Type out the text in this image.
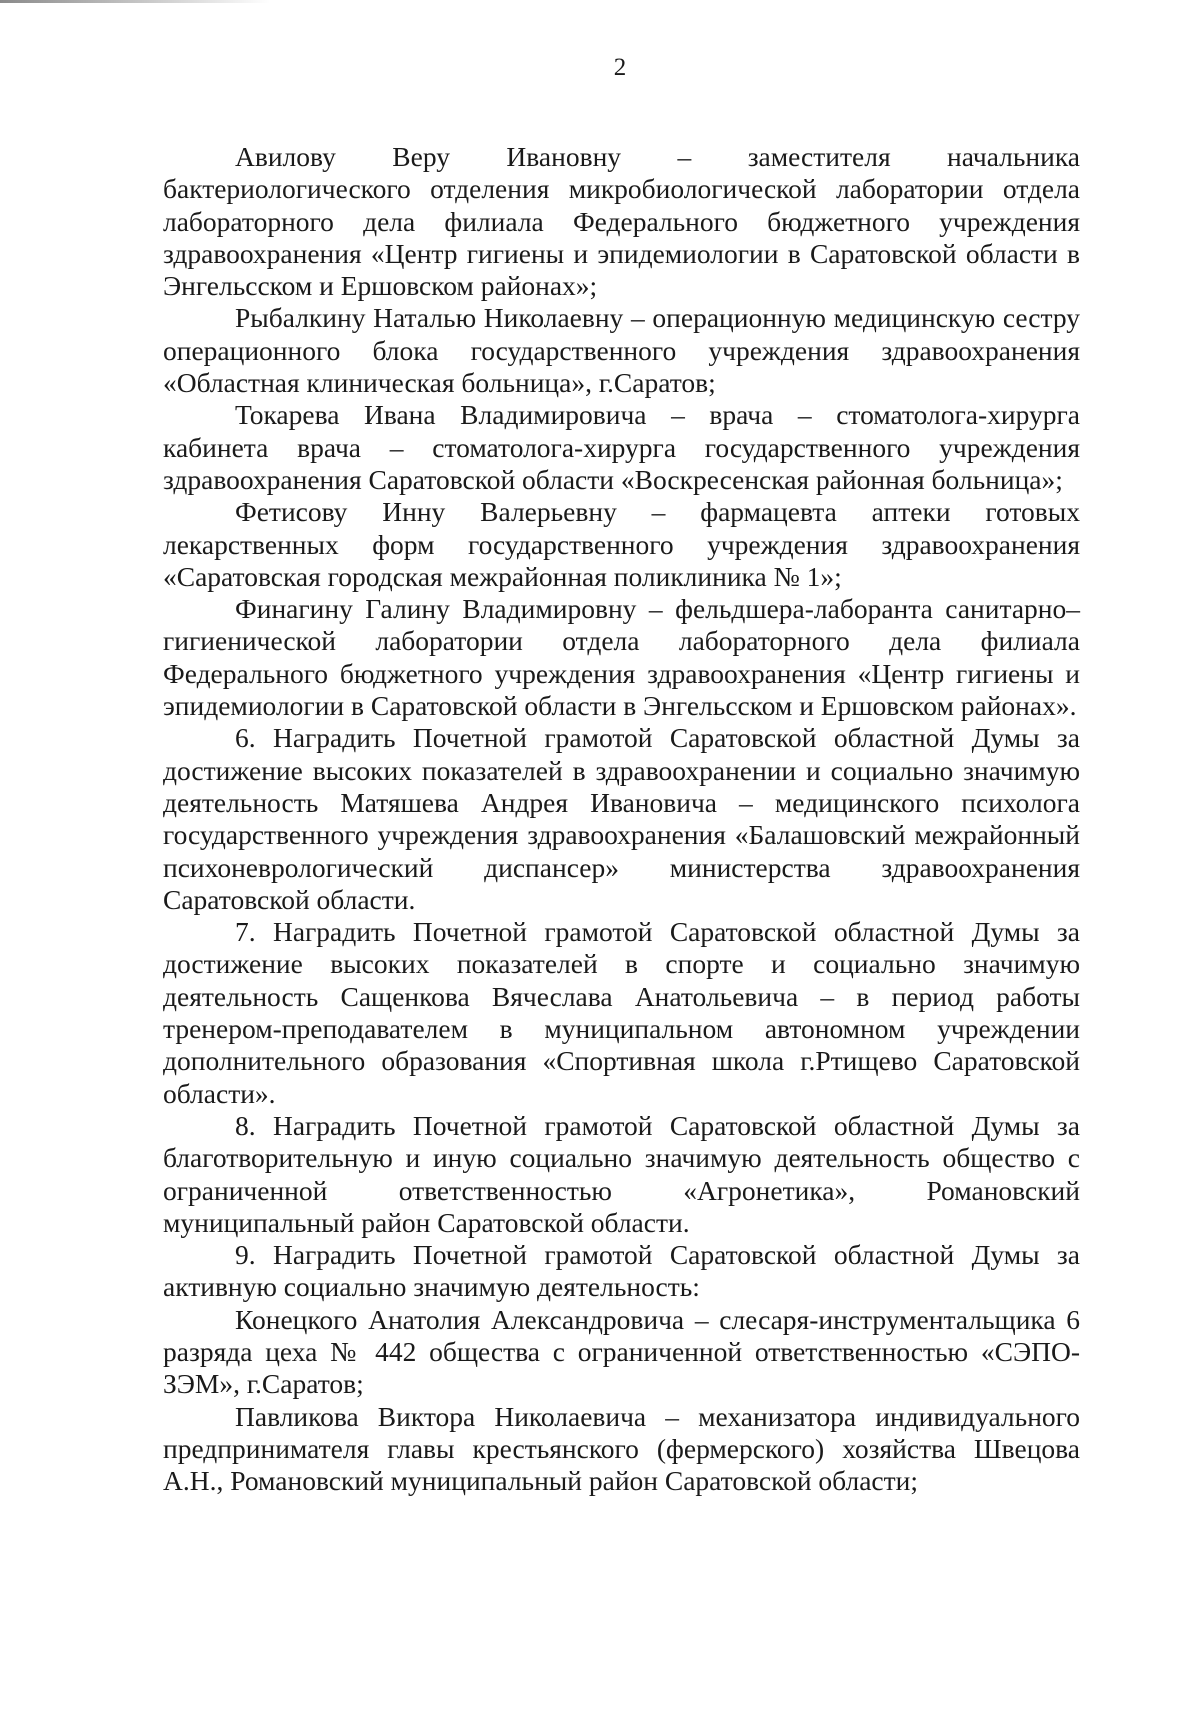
2

Авилову Веру Ивановну – заместителя начальника бактериологического отделения микробиологической лаборатории отдела лабораторного дела филиала Федерального бюджетного учреждения здравоохранения «Центр гигиены и эпидемиологии в Саратовской области в Энгельсском и Ершовском районах»;

Рыбалкину Наталью Николаевну – операционную медицинскую сестру операционного блока государственного учреждения здравоохранения «Областная клиническая больница», г.Саратов;

Токарева Ивана Владимировича – врача – стоматолога-хирурга кабинета врача – стоматолога-хирурга государственного учреждения здравоохранения Саратовской области «Воскресенская районная больница»;

Фетисову Инну Валерьевну – фармацевта аптеки готовых лекарственных форм государственного учреждения здравоохранения «Саратовская городская межрайонная поликлиника № 1»;

Финагину Галину Владимировну – фельдшера-лаборанта санитарно–гигиенической лаборатории отдела лабораторного дела филиала Федерального бюджетного учреждения здравоохранения «Центр гигиены и эпидемиологии в Саратовской области в Энгельсском и Ершовском районах».

6. Наградить Почетной грамотой Саратовской областной Думы за достижение высоких показателей в здравоохранении и социально значимую деятельность Матяшева Андрея Ивановича – медицинского психолога государственного учреждения здравоохранения «Балашовский межрайонный психоневрологический диспансер» министерства здравоохранения Саратовской области.

7. Наградить Почетной грамотой Саратовской областной Думы за достижение высоких показателей в спорте и социально значимую деятельность Сащенкова Вячеслава Анатольевича – в период работы тренером-преподавателем в муниципальном автономном учреждении дополнительного образования «Спортивная школа г.Ртищево Саратовской области».

8. Наградить Почетной грамотой Саратовской областной Думы за благотворительную и иную социально значимую деятельность общество с ограниченной ответственностью «Агронетика», Романовский муниципальный район Саратовской области.

9. Наградить Почетной грамотой Саратовской областной Думы за активную социально значимую деятельность:

Конецкого Анатолия Александровича – слесаря-инструментальщика 6 разряда цеха № 442 общества с ограниченной ответственностью «СЭПО-ЗЭМ», г.Саратов;

Павликова Виктора Николаевича – механизатора индивидуального предпринимателя главы крестьянского (фермерского) хозяйства Швецова А.Н., Романовский муниципальный район Саратовской области;
